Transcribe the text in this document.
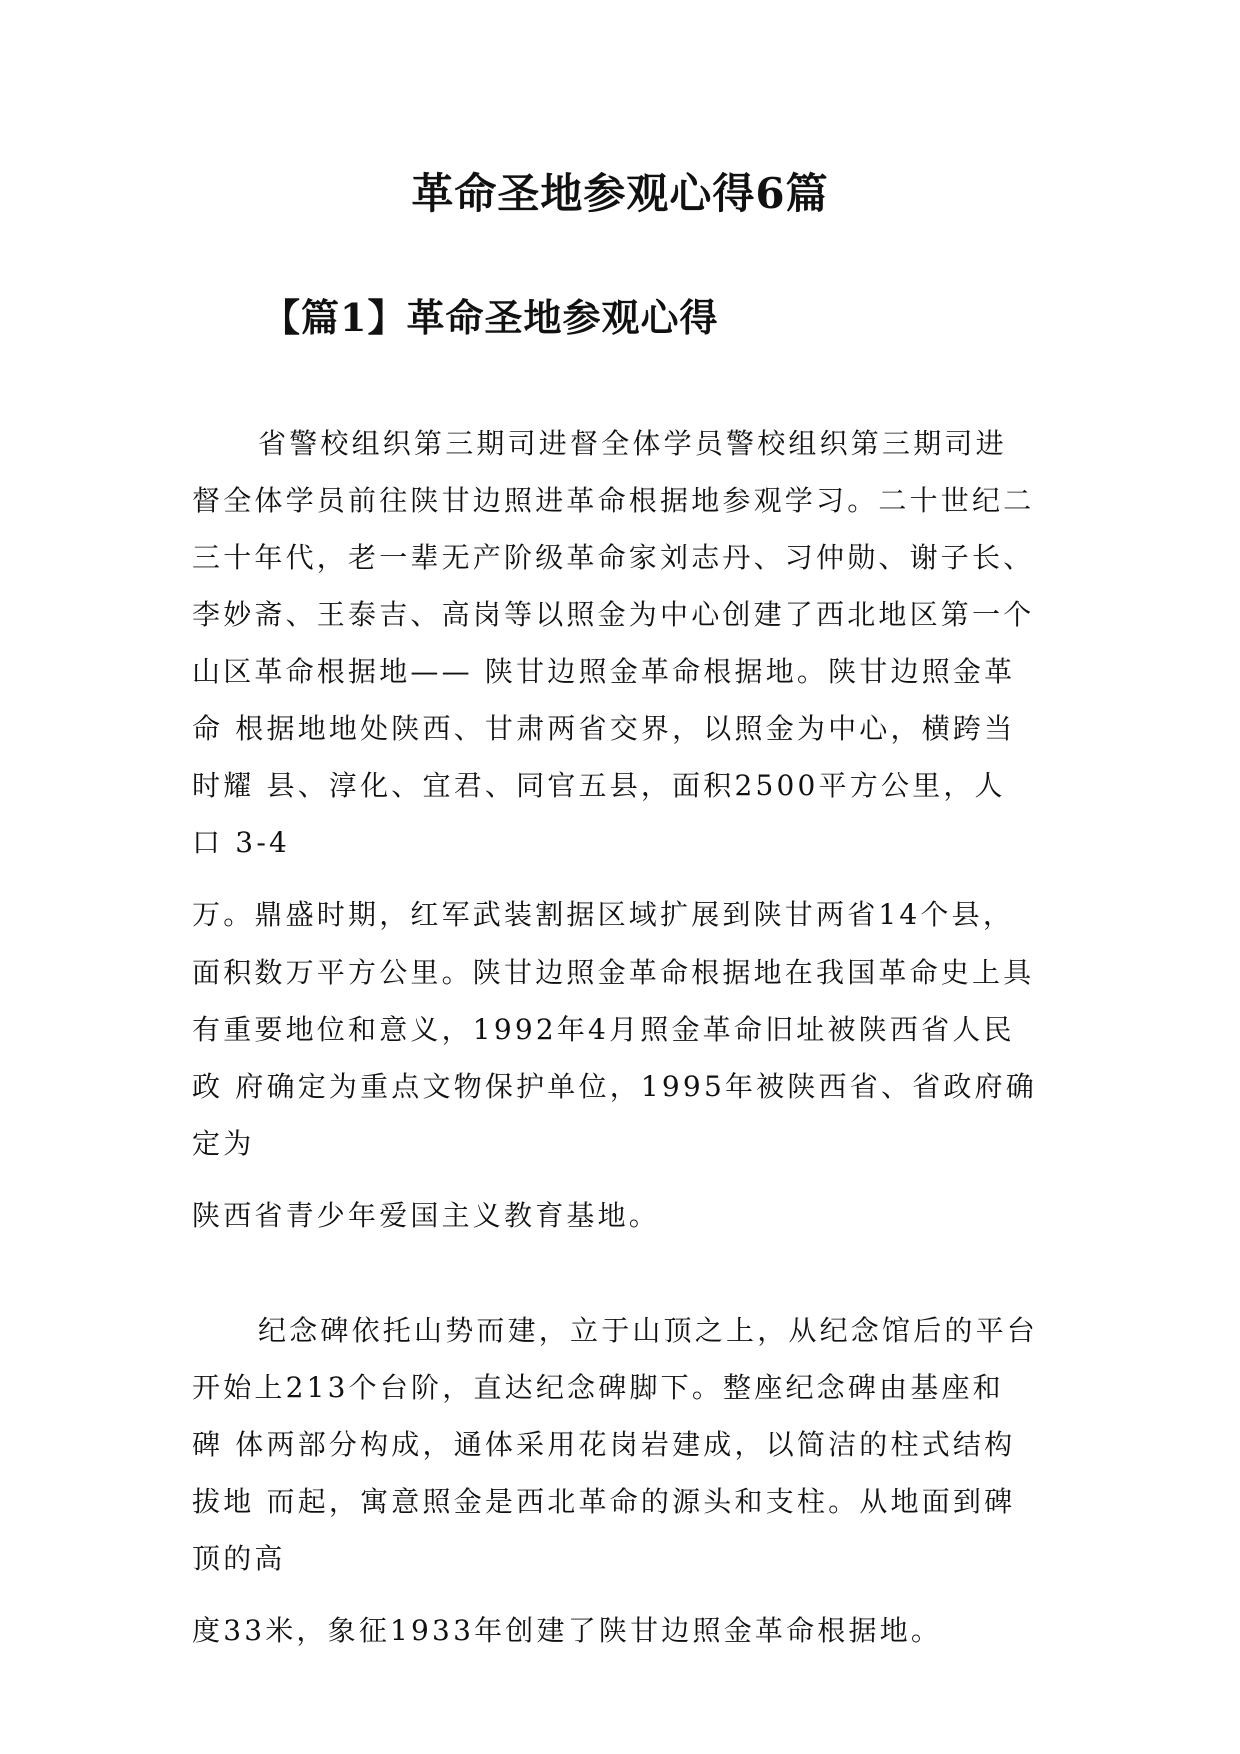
革命圣地参观心得6篇
【篇1】革命圣地参观心得
省警校组织第三期司进督全体学员警校组织第三期司进
督全体学员前往陕甘边照进革命根据地参观学习。二十世纪二
三十年代，老一辈无产阶级革命家刘志丹、习仲勋、谢子长、
李妙斋、王泰吉、高岗等以照金为中心创建了西北地区第一个
山区革命根据地—— 陕甘边照金革命根据地。陕甘边照金革
命 根据地地处陕西、甘肃两省交界，以照金为中心，横跨当
时耀 县、淳化、宜君、同官五县，面积2500平方公里，人
口 3-4
万。鼎盛时期，红军武装割据区域扩展到陕甘两省14个县，
面积数万平方公里。陕甘边照金革命根据地在我国革命史上具
有重要地位和意义，1992年4月照金革命旧址被陕西省人民
政 府确定为重点文物保护单位，1995年被陕西省、省政府确
定为
陕西省青少年爱国主义教育基地。
纪念碑依托山势而建，立于山顶之上，从纪念馆后的平台
开始上213个台阶，直达纪念碑脚下。整座纪念碑由基座和
碑 体两部分构成，通体采用花岗岩建成，以简洁的柱式结构
拔地 而起，寓意照金是西北革命的源头和支柱。从地面到碑
顶的高
度33米，象征1933年创建了陕甘边照金革命根据地。
